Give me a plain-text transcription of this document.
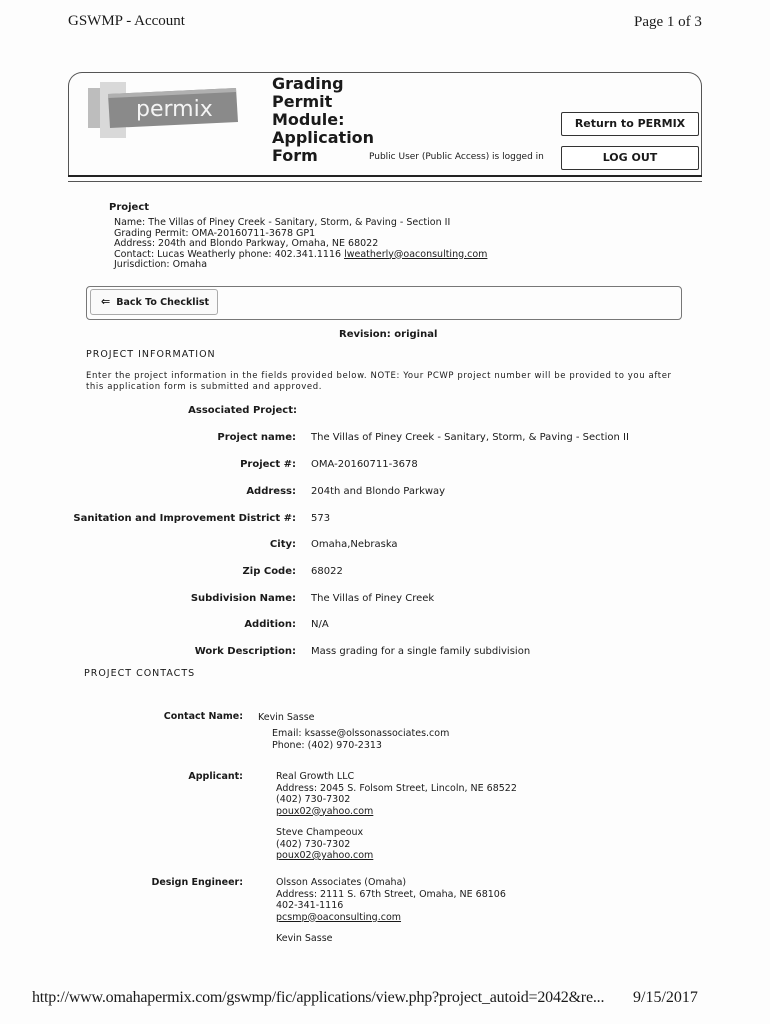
GSWMP - Account	Page 1 of 3
permix
Grading
Permit
Module:
Application
Form	Public User (Public Access) is logged in
Return to PERMIX
LOG OUT
Project
Name: The Villas of Piney Creek - Sanitary, Storm, & Paving - Section II
Grading Permit: OMA-20160711-3678 GP1
Address: 204th and Blondo Parkway, Omaha, NE 68022
Contact: Lucas Weatherly phone: 402.341.1116 lweatherly@oaconsulting.com
Jurisdiction: Omaha
⇐ Back To Checklist
Revision: original
PROJECT INFORMATION
Enter the project information in the fields provided below. NOTE: Your PCWP project number will be provided to you after this application form is submitted and approved.
Associated Project:
Project name: The Villas of Piney Creek - Sanitary, Storm, & Paving - Section II
Project #: OMA-20160711-3678
Address: 204th and Blondo Parkway
Sanitation and Improvement District #: 573
City: Omaha,Nebraska
Zip Code: 68022
Subdivision Name: The Villas of Piney Creek
Addition: N/A
Work Description: Mass grading for a single family subdivision
PROJECT CONTACTS
Contact Name: Kevin Sasse
Email: ksasse@olssonassociates.com
Phone: (402) 970-2313
Applicant:	Real Growth LLC
Address: 2045 S. Folsom Street, Lincoln, NE 68522
(402) 730-7302
poux02@yahoo.com
Steve Champeoux
(402) 730-7302
poux02@yahoo.com
Design Engineer:	Olsson Associates (Omaha)
Address: 2111 S. 67th Street, Omaha, NE 68106
402-341-1116
pcsmp@oaconsulting.com
Kevin Sasse
http://www.omahapermix.com/gswmp/fic/applications/view.php?project_autoid=2042&re... 9/15/2017
